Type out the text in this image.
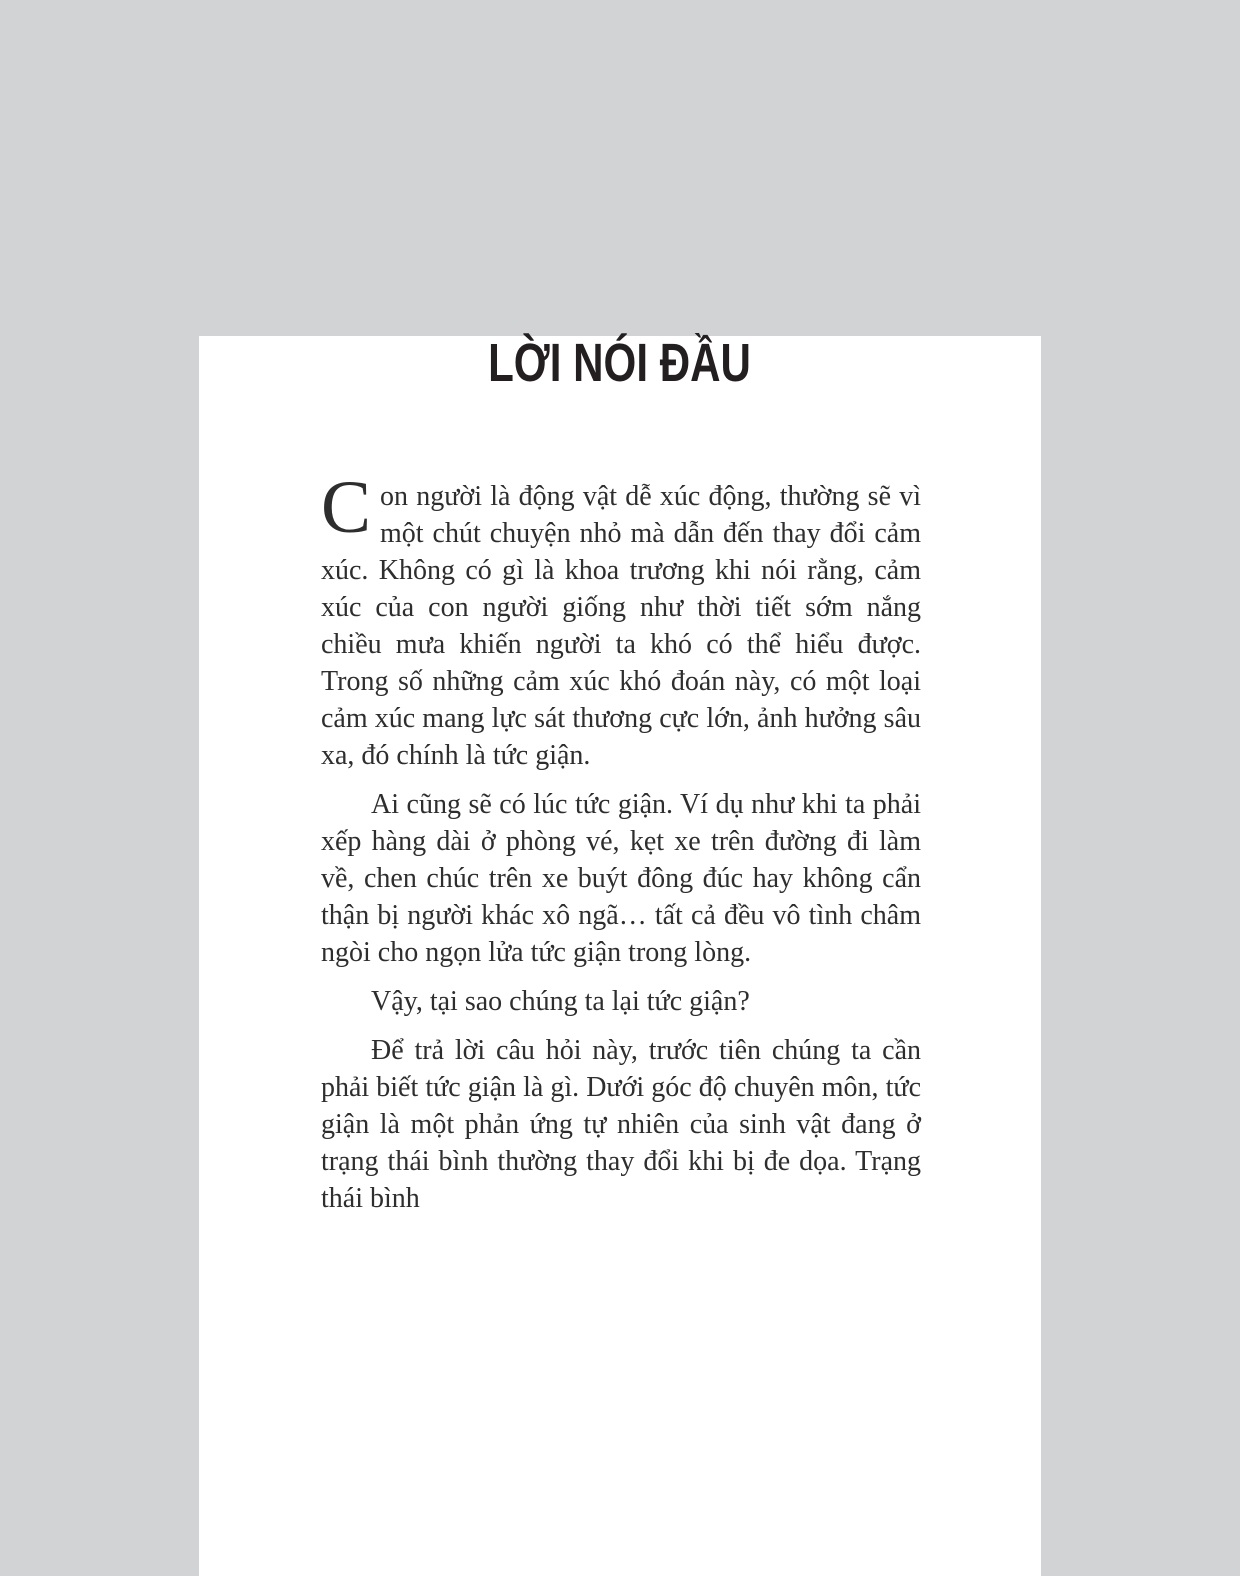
LỜI NÓI ĐẦU

Con người là động vật dễ xúc động, thường sẽ vì một chút chuyện nhỏ mà dẫn đến thay đổi cảm xúc. Không có gì là khoa trương khi nói rằng, cảm xúc của con người giống như thời tiết sớm nắng chiều mưa khiến người ta khó có thể hiểu được. Trong số những cảm xúc khó đoán này, có một loại cảm xúc mang lực sát thương cực lớn, ảnh hưởng sâu xa, đó chính là tức giận.

Ai cũng sẽ có lúc tức giận. Ví dụ như khi ta phải xếp hàng dài ở phòng vé, kẹt xe trên đường đi làm về, chen chúc trên xe buýt đông đúc hay không cẩn thận bị người khác xô ngã… tất cả đều vô tình châm ngòi cho ngọn lửa tức giận trong lòng.

Vậy, tại sao chúng ta lại tức giận?

Để trả lời câu hỏi này, trước tiên chúng ta cần phải biết tức giận là gì. Dưới góc độ chuyên môn, tức giận là một phản ứng tự nhiên của sinh vật đang ở trạng thái bình thường thay đổi khi bị đe dọa. Trạng thái bình
